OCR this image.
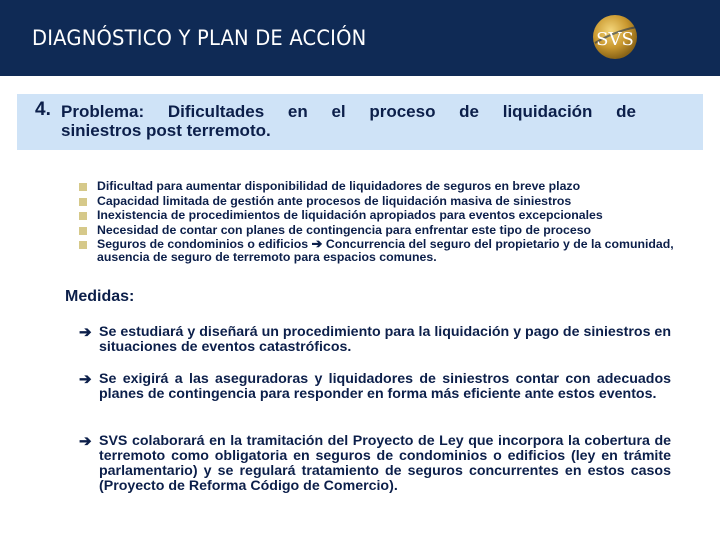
DIAGNÓSTICO Y PLAN DE ACCIÓN	SVS
4. Problema: Dificultades en el proceso de liquidación de
siniestros post terremoto.
Dificultad para aumentar disponibilidad de liquidadores de seguros en breve plazo
Capacidad limitada de gestión ante procesos de liquidación masiva de siniestros
Inexistencia de procedimientos de liquidación apropiados para eventos excepcionales
Necesidad de contar con planes de contingencia para enfrentar este tipo de proceso
Seguros de condominios o edificios ➔ Concurrencia del seguro del propietario y de la comunidad, ausencia de seguro de terremoto para espacios comunes.
Medidas:
➔ Se estudiará y diseñará un procedimiento para la liquidación y pago de siniestros en situaciones de eventos catastróficos.
➔ Se exigirá a las aseguradoras y liquidadores de siniestros contar con adecuados planes de contingencia para responder en forma más eficiente ante estos eventos.
➔ SVS colaborará en la tramitación del Proyecto de Ley que incorpora la cobertura de terremoto como obligatoria en seguros de condominios o edificios (ley en trámite parlamentario) y se regulará tratamiento de seguros concurrentes en estos casos (Proyecto de Reforma Código de Comercio).
